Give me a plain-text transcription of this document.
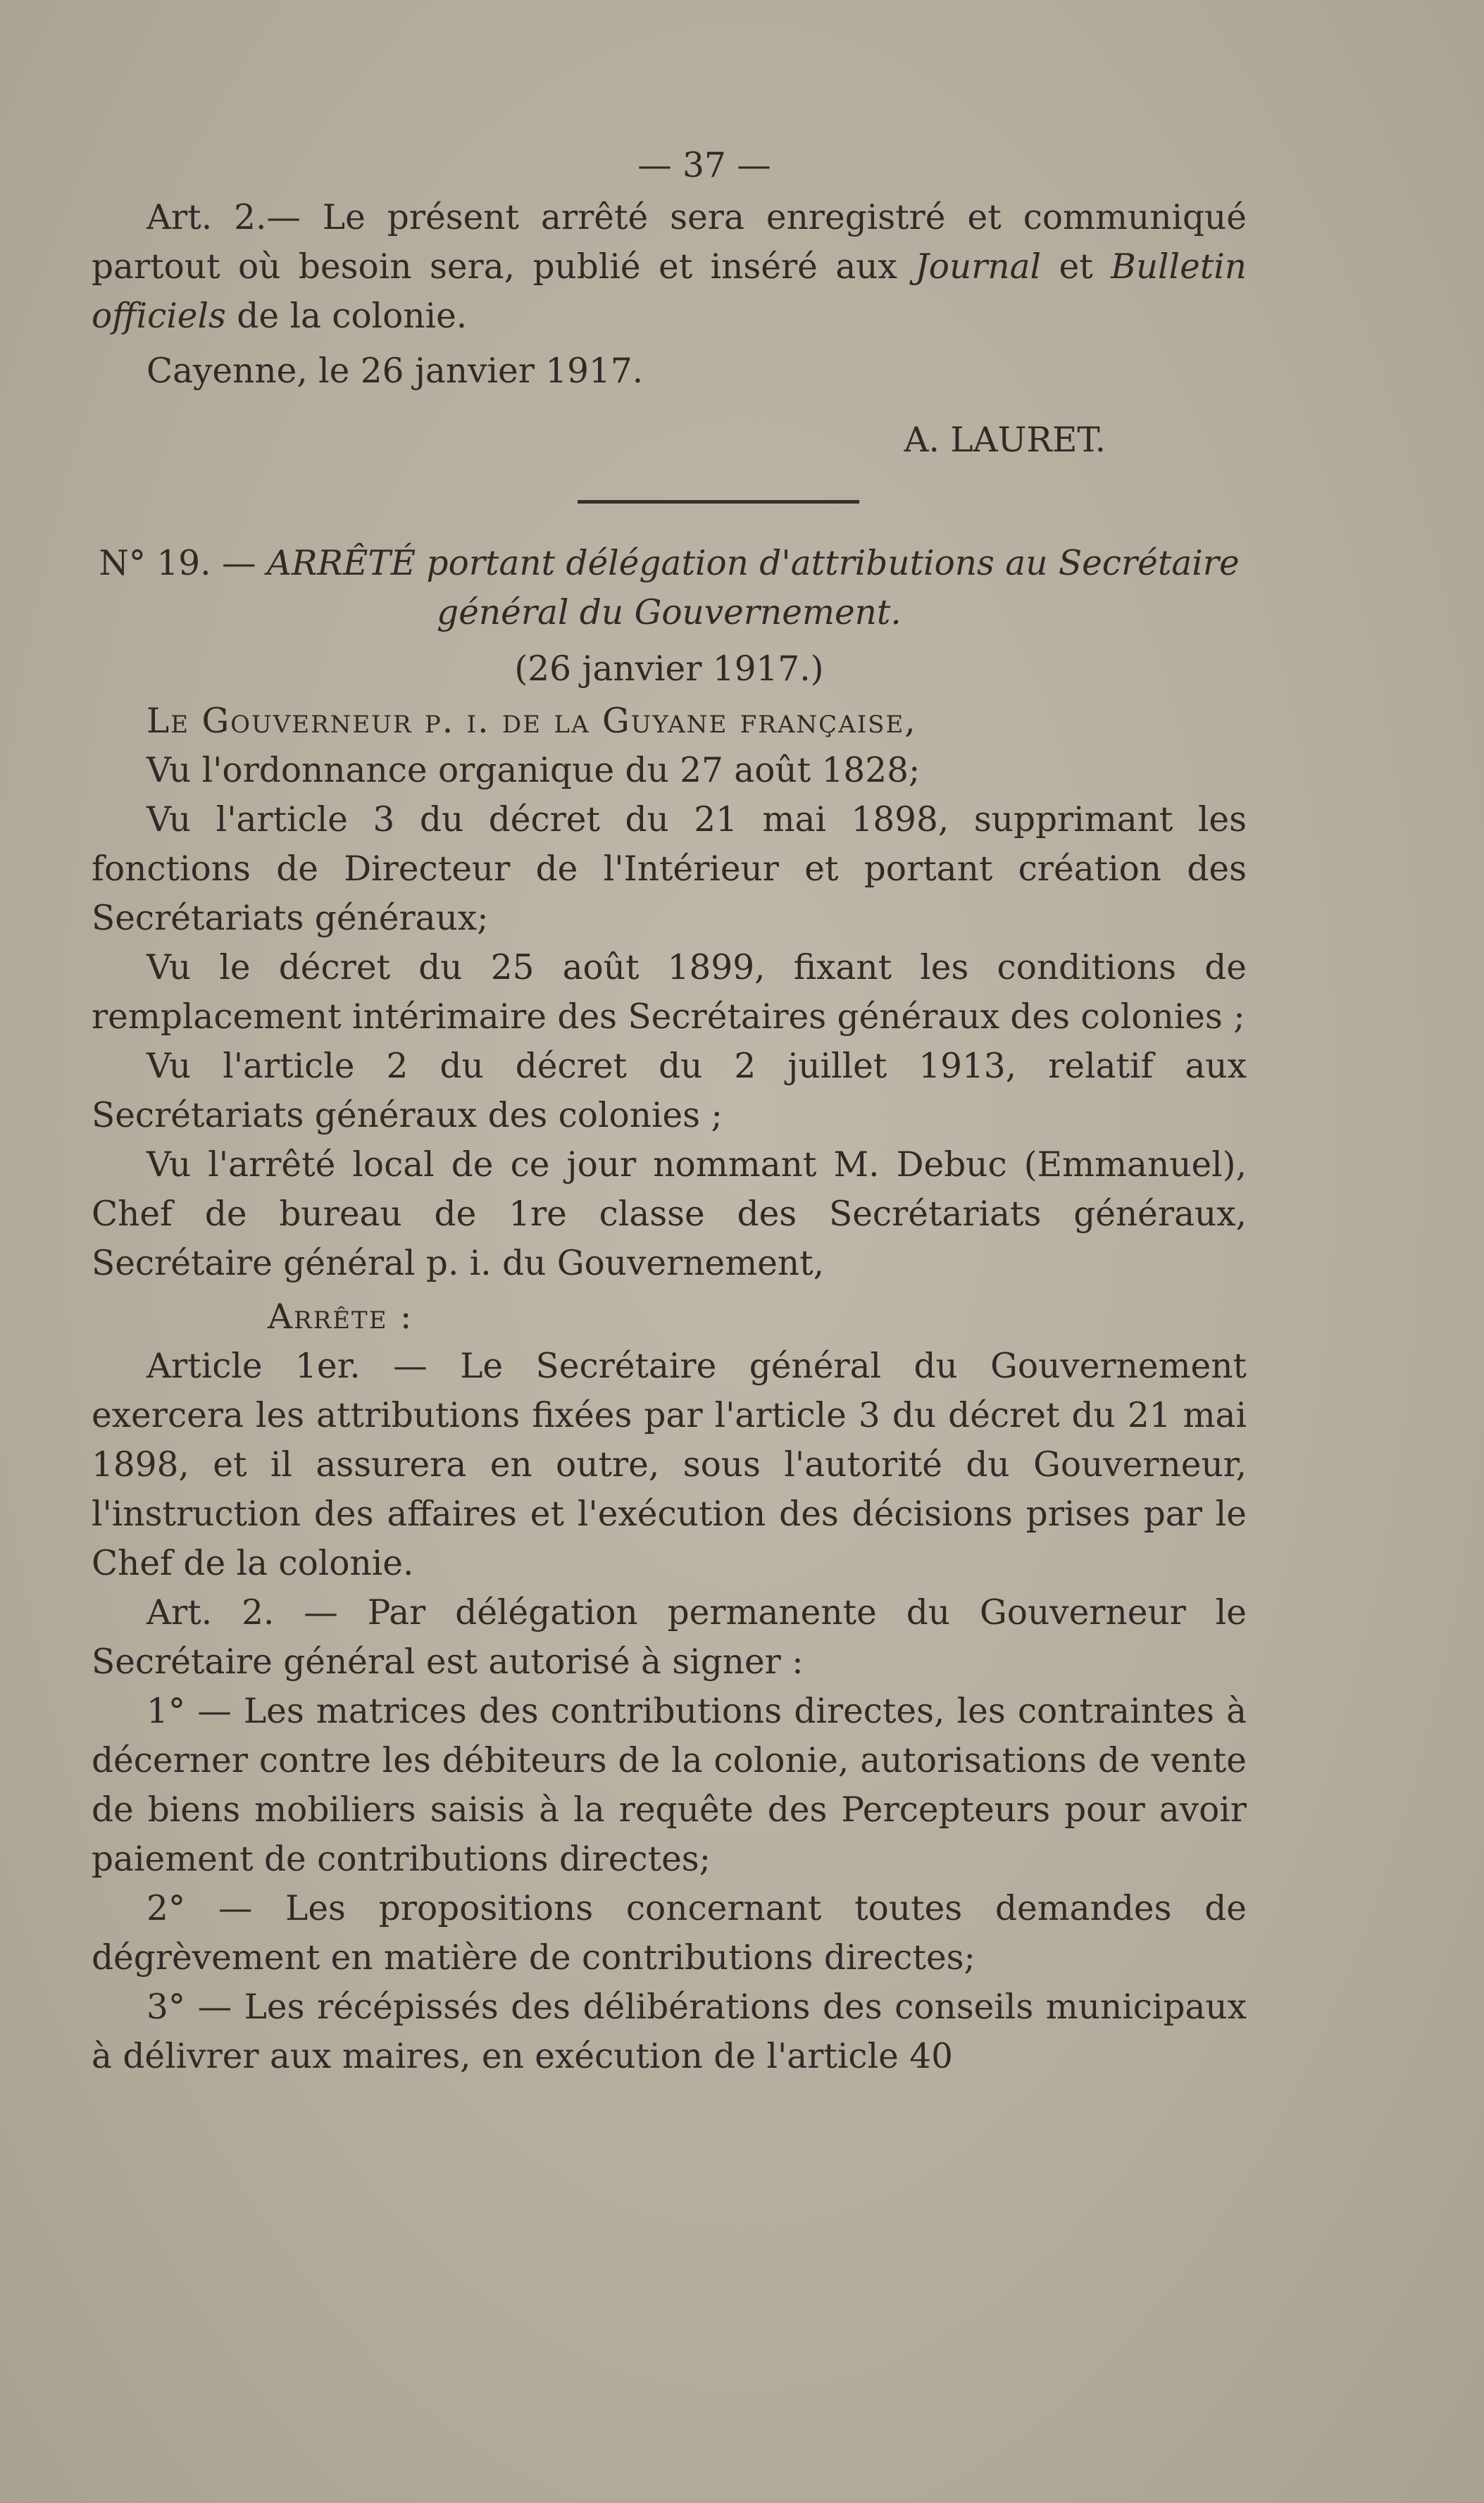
— 37 —

Art. 2.— Le présent arrêté sera enregistré et communiqué partout où besoin sera, publié et inséré aux Journal et Bulletin officiels de la colonie.

Cayenne, le 26 janvier 1917.

A. LAURET.

N° 19. — ARRÊTÉ portant délégation d'attributions au Secrétaire général du Gouvernement.

(26 janvier 1917.)

Le Gouverneur p. i. de la Guyane française,

Vu l'ordonnance organique du 27 août 1828;

Vu l'article 3 du décret du 21 mai 1898, supprimant les fonctions de Directeur de l'Intérieur et portant création des Secrétariats généraux;

Vu le décret du 25 août 1899, fixant les conditions de remplacement intérimaire des Secrétaires généraux des colonies ;

Vu l'article 2 du décret du 2 juillet 1913, relatif aux Secrétariats généraux des colonies ;

Vu l'arrêté local de ce jour nommant M. Debuc (Emmanuel), Chef de bureau de 1re classe des Secrétariats généraux, Secrétaire général p. i. du Gouvernement,

Arrête :

Article 1er. — Le Secrétaire général du Gouvernement exercera les attributions fixées par l'article 3 du décret du 21 mai 1898, et il assurera en outre, sous l'autorité du Gouverneur, l'instruction des affaires et l'exécution des décisions prises par le Chef de la colonie.

Art. 2. — Par délégation permanente du Gouverneur le Secrétaire général est autorisé à signer :

1° — Les matrices des contributions directes, les contraintes à décerner contre les débiteurs de la colonie, autorisations de vente de biens mobiliers saisis à la requête des Percepteurs pour avoir paiement de contributions directes;

2° — Les propositions concernant toutes demandes de dégrèvement en matière de contributions directes;

3° — Les récépissés des délibérations des conseils municipaux à délivrer aux maires, en exécution de l'article 40
